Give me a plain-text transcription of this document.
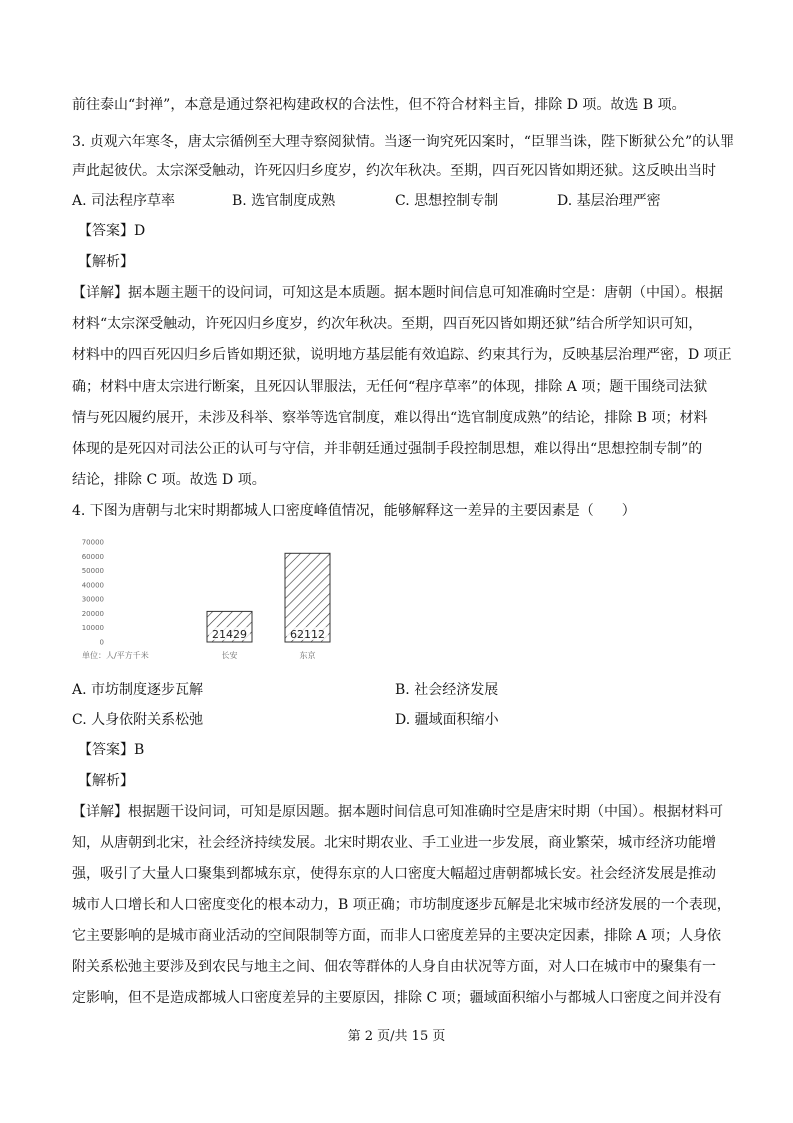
前往泰山“封禅”，本意是通过祭祀构建政权的合法性，但不符合材料主旨，排除 D 项。故选 B 项。
3. 贞观六年寒冬，唐太宗循例至大理寺察阅狱情。当逐一询究死囚案时，“臣罪当诛，陛下断狱公允”的认罪
声此起彼伏。太宗深受触动，许死囚归乡度岁，约次年秋决。至期，四百死囚皆如期还狱。这反映出当时
A. 司法程序草率	B. 选官制度成熟	C. 思想控制专制	D. 基层治理严密
【答案】D
【解析】
【详解】据本题主题干的设问词，可知这是本质题。据本题时间信息可知准确时空是：唐朝（中国）。根据
材料“太宗深受触动，许死囚归乡度岁，约次年秋决。至期，四百死囚皆如期还狱”结合所学知识可知，
材料中的四百死囚归乡后皆如期还狱，说明地方基层能有效追踪、约束其行为，反映基层治理严密，D 项正
确；材料中唐太宗进行断案，且死囚认罪服法，无任何“程序草率”的体现，排除 A 项；题干围绕司法狱
情与死囚履约展开，未涉及科举、察举等选官制度，难以得出“选官制度成熟”的结论，排除 B 项；材料
体现的是死囚对司法公正的认可与守信，并非朝廷通过强制手段控制思想，难以得出“思想控制专制”的
结论，排除 C 项。故选 D 项。
4. 下图为唐朝与北宋时期都城人口密度峰值情况，能够解释这一差异的主要因素是（　　）
70000
60000
50000
40000
30000
20000
10000
0
21429	62112
长安	东京
单位：人/平方千米
A. 市坊制度逐步瓦解	B. 社会经济发展
C. 人身依附关系松弛	D. 疆域面积缩小
【答案】B
【解析】
【详解】根据题干设问词，可知是原因题。据本题时间信息可知准确时空是唐宋时期（中国）。根据材料可
知，从唐朝到北宋，社会经济持续发展。北宋时期农业、手工业进一步发展，商业繁荣，城市经济功能增
强，吸引了大量人口聚集到都城东京，使得东京的人口密度大幅超过唐朝都城长安。社会经济发展是推动
城市人口增长和人口密度变化的根本动力，B 项正确；市坊制度逐步瓦解是北宋城市经济发展的一个表现，
它主要影响的是城市商业活动的空间限制等方面，而非人口密度差异的主要决定因素，排除 A 项；人身依
附关系松弛主要涉及到农民与地主之间、佃农等群体的人身自由状况等方面，对人口在城市中的聚集有一
定影响，但不是造成都城人口密度差异的主要原因，排除 C 项；疆域面积缩小与都城人口密度之间并没有
第 2 页/共 15 页
